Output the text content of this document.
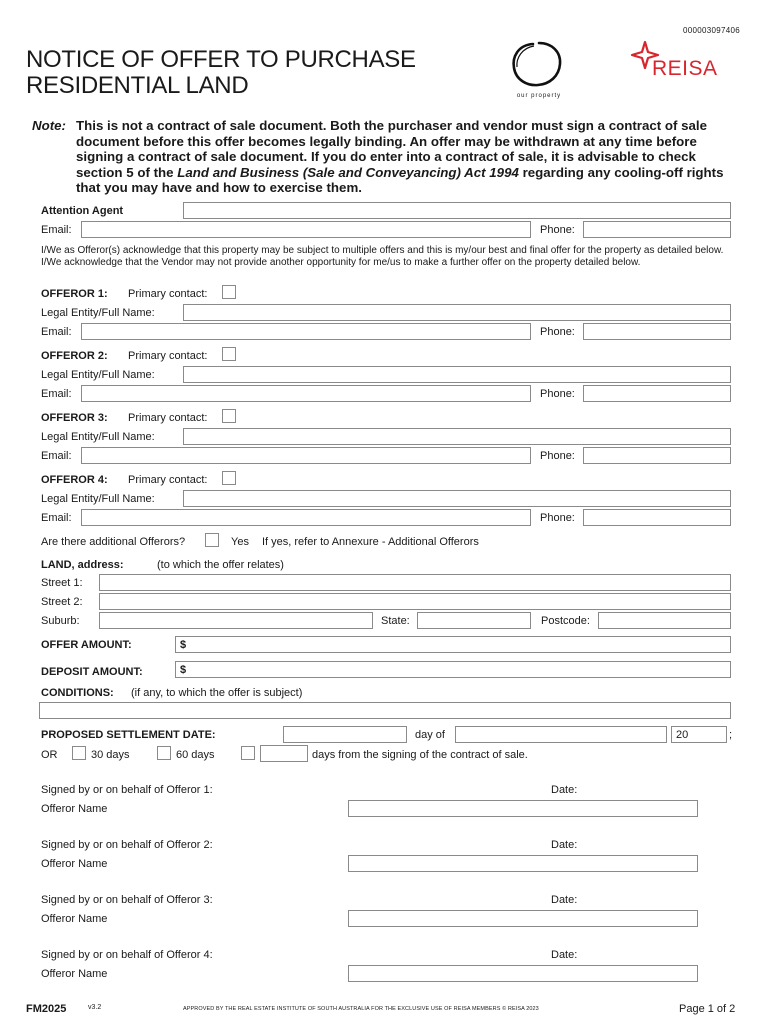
000003097406
NOTICE OF OFFER TO PURCHASE
RESIDENTIAL LAND	our property
REISA
Note: This is not a contract of sale document. Both the purchaser and vendor must sign a contract of sale document before this offer becomes legally binding. An offer may be withdrawn at any time before signing a contract of sale document. If you do enter into a contract of sale, it is advisable to check section 5 of the Land and Business (Sale and Conveyancing) Act 1994 regarding any cooling-off rights that you may have and how to exercise them.
Attention Agent
Email:	Phone:
I/We as Offeror(s) acknowledge that this property may be subject to multiple offers and this is my/our best and final offer for the property as detailed below. I/We acknowledge that the Vendor may not provide another opportunity for me/us to make a further offer on the property detailed below.
OFFEROR 1: Primary contact:
Legal Entity/Full Name:
Email:	Phone:
OFFEROR 2: Primary contact:
Legal Entity/Full Name:
Email:	Phone:
OFFEROR 3: Primary contact:
Legal Entity/Full Name:
Email:	Phone:
OFFEROR 4: Primary contact:
Legal Entity/Full Name:
Email:	Phone:
Are there additional Offerors?	Yes If yes, refer to Annexure - Additional Offerors
LAND, address:	(to which the offer relates)
Street 1:
Street 2:
Suburb:	State:	Postcode:
OFFER AMOUNT:	$
DEPOSIT AMOUNT:	$
CONDITIONS: (if any, to which the offer is subject)
PROPOSED SETTLEMENT DATE:	day of	20	;
OR	30 days	60 days	days from the signing of the contract of sale.
Signed by or on behalf of Offeror 1:	Date:
Offeror Name
Signed by or on behalf of Offeror 2:	Date:
Offeror Name
Signed by or on behalf of Offeror 3:	Date:
Offeror Name
Signed by or on behalf of Offeror 4:	Date:
Offeror Name
FM2025	v3.2	APPROVED BY THE REAL ESTATE INSTITUTE OF SOUTH AUSTRALIA FOR THE EXCLUSIVE USE OF REISA MEMBERS © REISA 2023	Page 1 of 2
